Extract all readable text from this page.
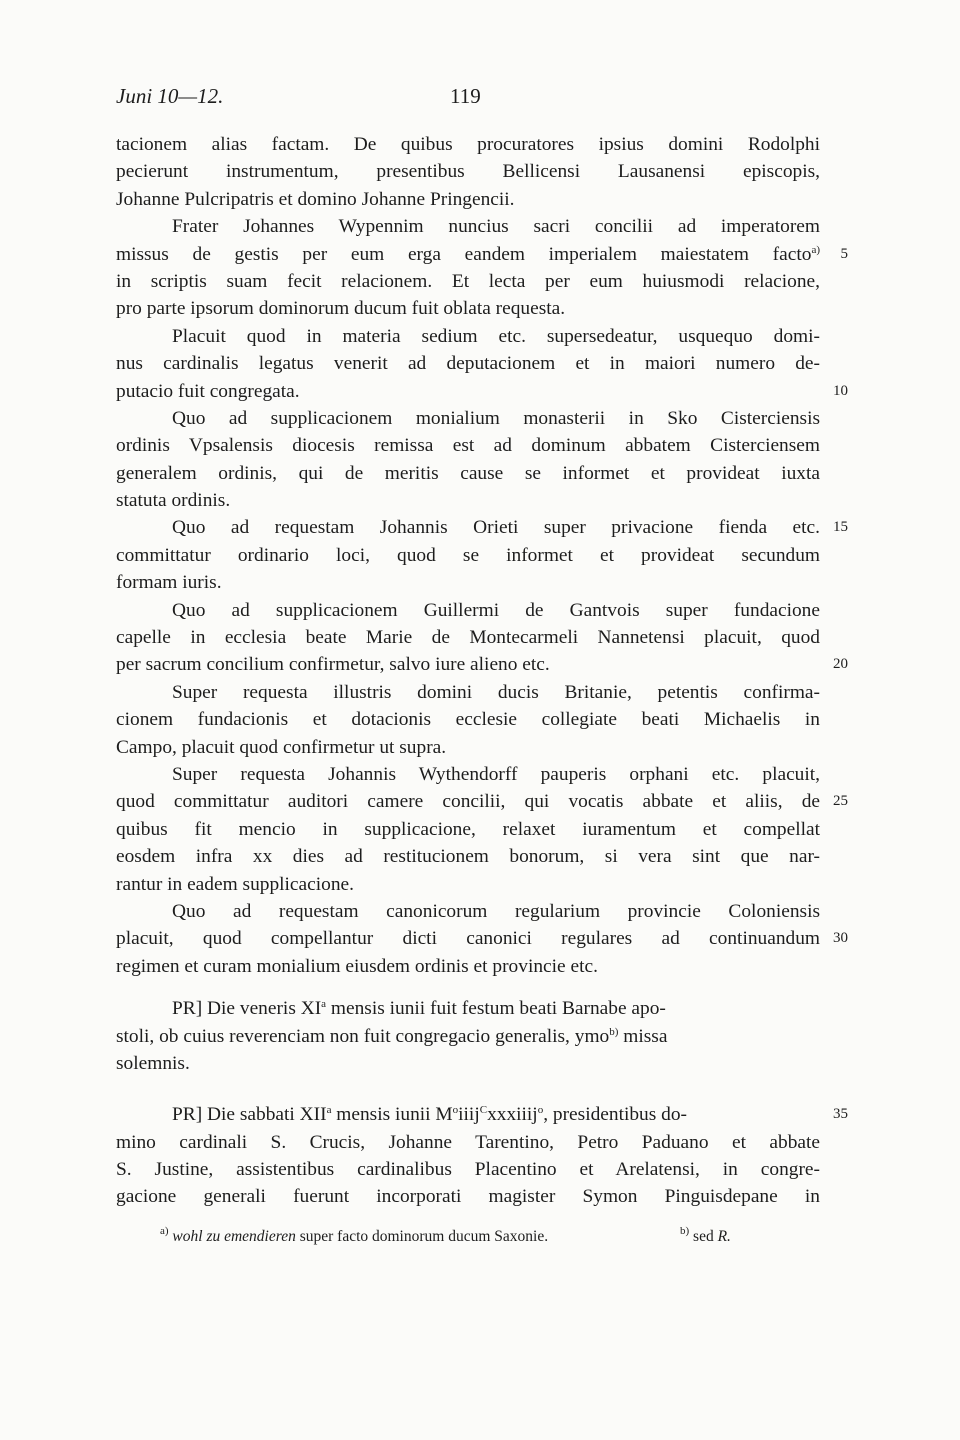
Juni 10—12.	119
tacionem alias factam. De quibus procuratores ipsius domini Rodolphi
pecierunt instrumentum, presentibus Bellicensi Lausanensi episcopis,
Johanne Pulcripatris et domino Johanne Pringencii.
Frater Johannes Wypennim nuncius sacri concilii ad imperatorem
missus de gestis per eum erga eandem imperialem maiestatem facto$^{a)}$ 5
in scriptis suam fecit relacionem. Et lecta per eum huiusmodi relacione,
pro parte ipsorum dominorum ducum fuit oblata requesta.
Placuit quod in materia sedium etc. supersedeatur, usquequo domi-
nus cardinalis legatus venerit ad deputacionem et in maiori numero de-
putacio fuit congregata.	10
Quo ad supplicacionem monialium monasterii in Sko Cisterciensis
ordinis Vpsalensis diocesis remissa est ad dominum abbatem Cisterciensem
generalem ordinis, qui de meritis cause se informet et provideat iuxta
statuta ordinis.
Quo ad requestam Johannis Orieti super privacione fienda etc. 15
committatur ordinario loci, quod se informet et provideat secundum
formam iuris.
Quo ad supplicacionem Guillermi de Gantvois super fundacione
capelle in ecclesia beate Marie de Montecarmeli Nannetensi placuit, quod
per sacrum concilium confirmetur, salvo iure alieno etc.	20
Super requesta illustris domini ducis Britanie, petentis confirma-
cionem fundacionis et dotacionis ecclesie collegiate beati Michaelis in
Campo, placuit quod confirmetur ut supra.
Super requesta Johannis Wythendorff pauperis orphani etc. placuit,
quod committatur auditori camere concilii, qui vocatis abbate et aliis, de 25
quibus fit mencio in supplicacione, relaxet iuramentum et compellat
eosdem infra xx dies ad restitucionem bonorum, si vera sint que nar-
rantur in eadem supplicacione.
Quo ad requestam canonicorum regularium provincie Coloniensis
placuit, quod compellantur dicti canonici regulares ad continuandum 30
regimen et curam monialium eiusdem ordinis et provincie etc.
PR] Die veneris $XI^a$ mensis iunii fuit festum beati Barnabe apo-
stoli, ob cuius reverenciam non fuit congregacio generalis, ymo$^{b)}$ missa
solemnis.
PR] Die sabbati XII$^a$ mensis iunii $M^oiiij^Cxxxiiij^o$, presidentibus do-	35
mino cardinali S. Crucis, Johanne Tarentino, Petro Paduano et abbate
S. Justine, assistentibus cardinalibus Placentino et Arelatensi, in congre-
gacione generali fuerunt incorporati magister Symon Pinguisdepane in
$^{a)}$ wohl zu emendieren super facto dominorum ducum Saxonie.	$^{b)}$ sed R.
